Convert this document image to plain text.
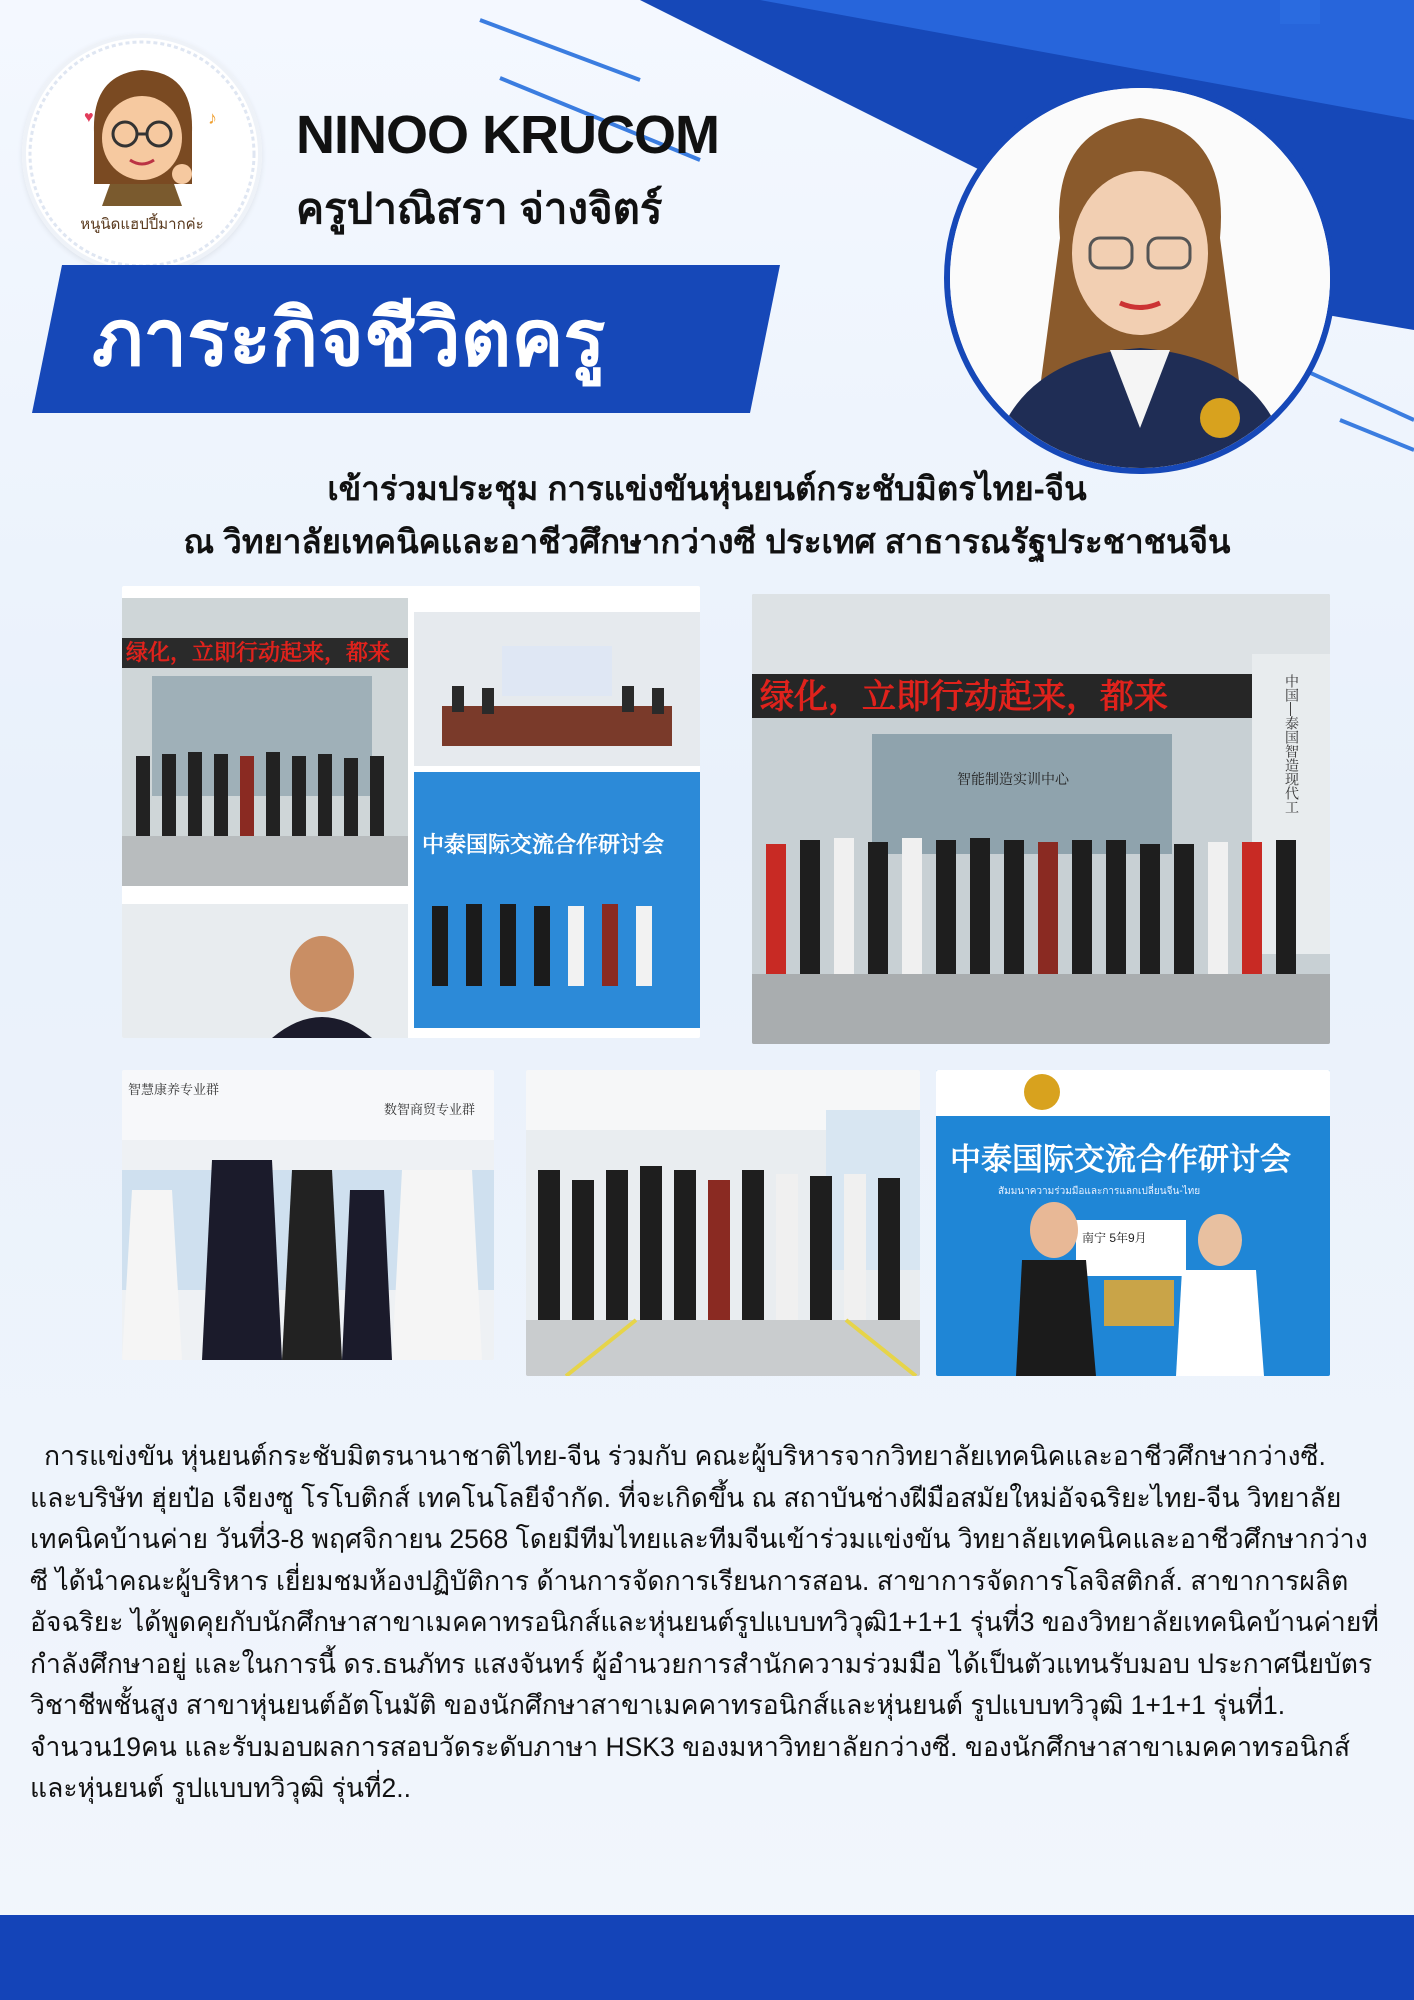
♥	♪
หนูนิดแฮปปี้มากค่ะ
NINOO KRUCOM
ครูปาณิสรา จ่างจิตร์
ภาระกิจชีวิตครู
เข้าร่วมประชุม การแข่งขันหุ่นยนต์กระชับมิตรไทย-จีน
ณ วิทยาลัยเทคนิคและอาชีวศึกษากว่างซี ประเทศ สาธารณรัฐประชาชนจีน
绿化，立即行动起来，都来
中泰国际交流合作研讨会
绿化，立即行动起来，都来	中国—泰国智造现代工
智能制造实训中心
智慧康养专业群
数智商贸专业群
中泰国际交流合作研讨会
สัมมนาความร่วมมือและการแลกเปลี่ยนจีน-ไทย
南宁 5年9月

การแข่งขัน หุ่นยนต์กระชับมิตรนานาชาติไทย-จีน ร่วมกับ คณะผู้บริหารจากวิทยาลัยเทคนิคและอาชีวศึกษากว่างซี. และบริษัท ฮุ่ยป๋อ เจียงซู โรโบติกส์ เทคโนโลยีจำกัด. ที่จะเกิดขึ้น ณ สถาบันช่างฝีมือสมัยใหม่อัจฉริยะไทย-จีน วิทยาลัยเทคนิคบ้านค่าย วันที่3-8 พฤศจิกายน 2568 โดยมีทีมไทยและทีมจีนเข้าร่วมแข่งขัน วิทยาลัยเทคนิคและอาชีวศึกษากว่างซี ได้นำคณะผู้บริหาร เยี่ยมชมห้องปฏิบัติการ ด้านการจัดการเรียนการสอน. สาขาการจัดการโลจิสติกส์. สาขาการผลิตอัจฉริยะ ได้พูดคุยกับนักศึกษาสาขาเมคคาทรอนิกส์และหุ่นยนต์รูปแบบทวิวุฒิ1+1+1 รุ่นที่3 ของวิทยาลัยเทคนิคบ้านค่ายที่กำลังศึกษาอยู่ และในการนี้ ดร.ธนภัทร แสงจันทร์ ผู้อำนวยการสำนักความร่วมมือ ได้เป็นตัวแทนรับมอบ ประกาศนียบัตรวิชาชีพชั้นสูง สาขาหุ่นยนต์อัตโนมัติ ของนักศึกษาสาขาเมคคาทรอนิกส์และหุ่นยนต์ รูปแบบทวิวุฒิ 1+1+1 รุ่นที่1. จำนวน19คน และรับมอบผลการสอบวัดระดับภาษา HSK3 ของมหาวิทยาลัยกว่างซี. ของนักศึกษาสาขาเมคคาทรอนิกส์และหุ่นยนต์ รูปแบบทวิวุฒิ รุ่นที่2..
